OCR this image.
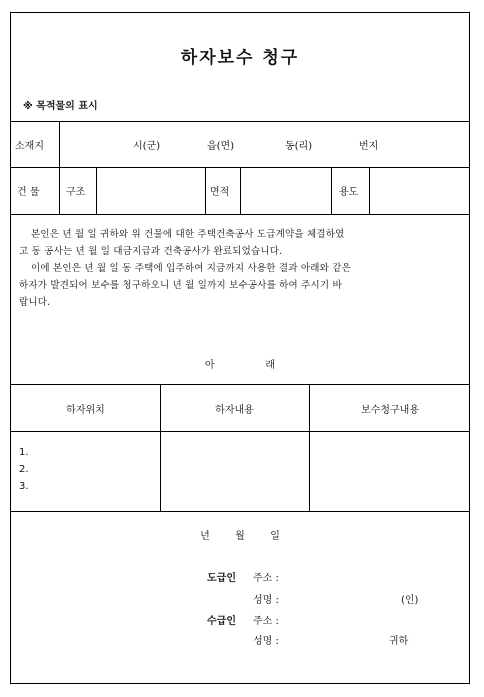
하자보수 청구
※ 목적물의 표시
소재지	시(군)	읍(면)	동(리)	번지
건 물	구조	면적	용도
본인은 년 월 일 귀하와 위 건물에 대한 주택건축공사 도급계약을 체결하였
고 동 공사는 년 월 일 대금지급과 건축공사가 완료되었습니다.
이에 본인은 년 월 일 동 주택에 입주하여 지금까지 사용한 결과 아래와 같은
하자가 발견되어 보수를 청구하오니 년 월 일까지 보수공사를 하여 주시기 바
랍니다.
아                래
하자위치	하자내용	보수청구내용
1.
2.
3.
년        월        일
도급인 주소 :
성명 :	(인)
수급인 주소 :
성명 :	귀하
